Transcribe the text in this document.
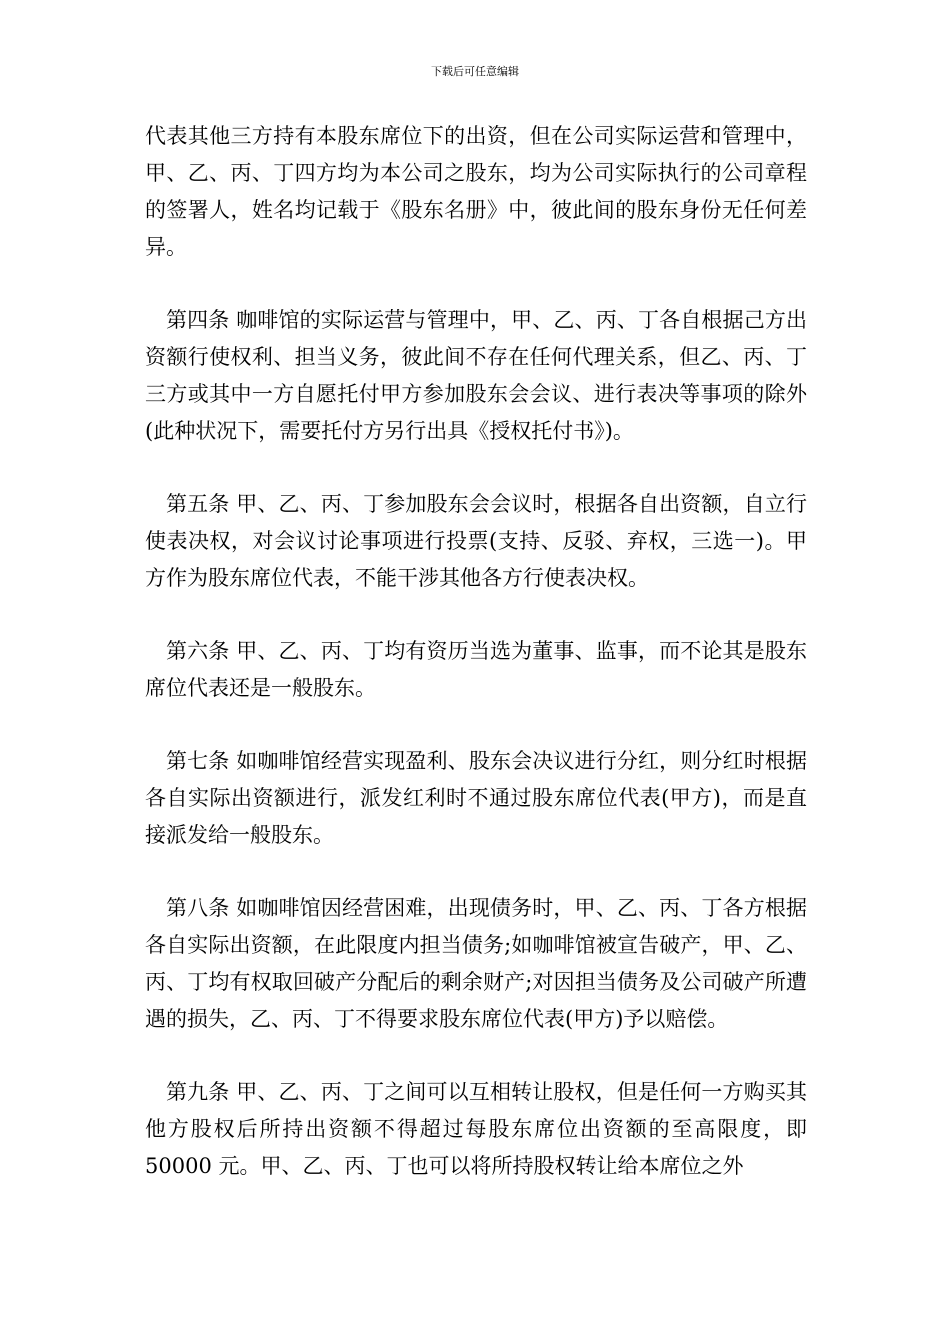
下载后可任意编辑

代表其他三方持有本股东席位下的出资，但在公司实际运营和管理中，甲、乙、丙、丁四方均为本公司之股东，均为公司实际执行的公司章程的签署人，姓名均记载于《股东名册》中，彼此间的股东身份无任何差异。

第四条 咖啡馆的实际运营与管理中，甲、乙、丙、丁各自根据己方出资额行使权利、担当义务，彼此间不存在任何代理关系，但乙、丙、丁三方或其中一方自愿托付甲方参加股东会会议、进行表决等事项的除外(此种状况下，需要托付方另行出具《授权托付书》)。

第五条 甲、乙、丙、丁参加股东会会议时，根据各自出资额，自立行使表决权，对会议讨论事项进行投票(支持、反驳、弃权，三选一)。甲方作为股东席位代表，不能干涉其他各方行使表决权。

第六条 甲、乙、丙、丁均有资历当选为董事、监事，而不论其是股东席位代表还是一般股东。

第七条 如咖啡馆经营实现盈利、股东会决议进行分红，则分红时根据各自实际出资额进行，派发红利时不通过股东席位代表(甲方)，而是直接派发给一般股东。

第八条 如咖啡馆因经营困难，出现债务时，甲、乙、丙、丁各方根据各自实际出资额，在此限度内担当债务;如咖啡馆被宣告破产，甲、乙、丙、丁均有权取回破产分配后的剩余财产;对因担当债务及公司破产所遭遇的损失，乙、丙、丁不得要求股东席位代表(甲方)予以赔偿。

第九条 甲、乙、丙、丁之间可以互相转让股权，但是任何一方购买其他方股权后所持出资额不得超过每股东席位出资额的至高限度，即 50000 元。甲、乙、丙、丁也可以将所持股权转让给本席位之外
